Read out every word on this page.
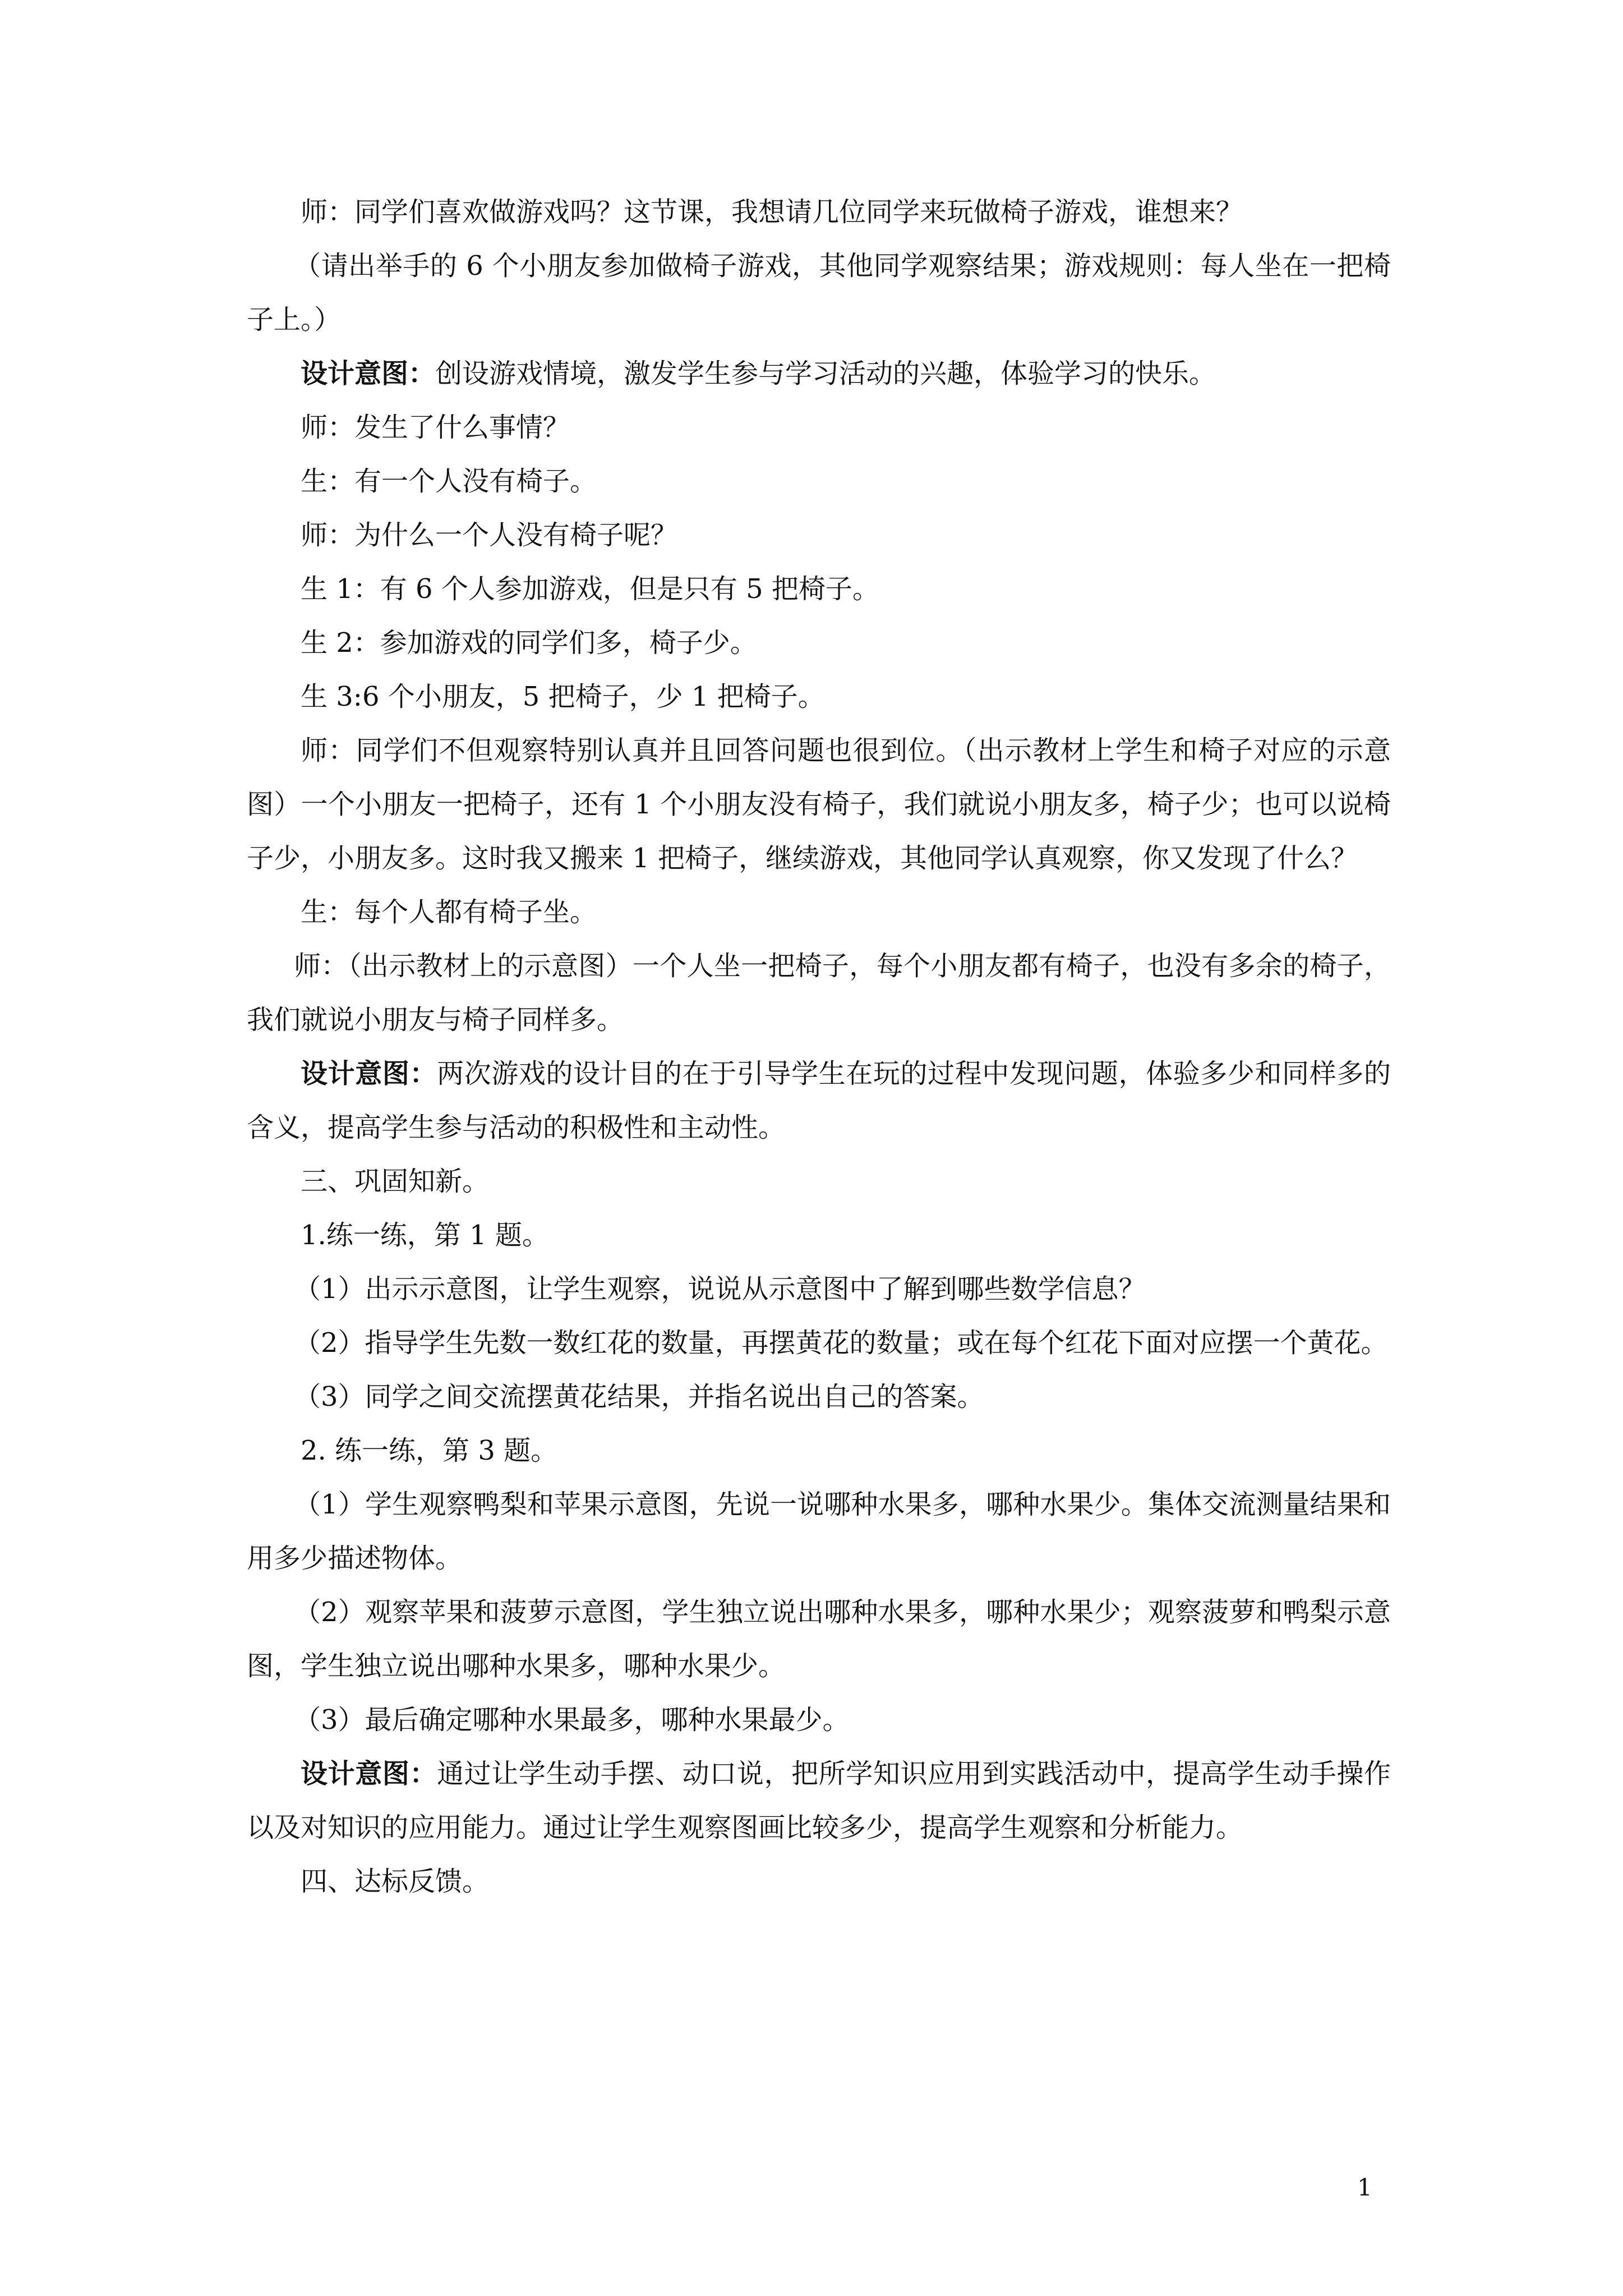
师：同学们喜欢做游戏吗？这节课，我想请几位同学来玩做椅子游戏，谁想来？

（请出举手的 6 个小朋友参加做椅子游戏，其他同学观察结果；游戏规则：每人坐在一把椅子上。）

设计意图：创设游戏情境，激发学生参与学习活动的兴趣，体验学习的快乐。

师：发生了什么事情？

生：有一个人没有椅子。

师：为什么一个人没有椅子呢？

生 1：有 6 个人参加游戏，但是只有 5 把椅子。

生 2：参加游戏的同学们多，椅子少。

生 3:6 个小朋友，5 把椅子，少 1 把椅子。

师：同学们不但观察特别认真并且回答问题也很到位。（出示教材上学生和椅子对应的示意图）一个小朋友一把椅子，还有 1 个小朋友没有椅子，我们就说小朋友多，椅子少；也可以说椅子少，小朋友多。这时我又搬来 1 把椅子，继续游戏，其他同学认真观察，你又发现了什么？

生：每个人都有椅子坐。

师：（出示教材上的示意图）一个人坐一把椅子，每个小朋友都有椅子，也没有多余的椅子，我们就说小朋友与椅子同样多。

设计意图：两次游戏的设计目的在于引导学生在玩的过程中发现问题，体验多少和同样多的含义，提高学生参与活动的积极性和主动性。

三、巩固知新。

1.练一练，第 1 题。

（1）出示示意图，让学生观察，说说从示意图中了解到哪些数学信息？

（2）指导学生先数一数红花的数量，再摆黄花的数量；或在每个红花下面对应摆一个黄花。

（3）同学之间交流摆黄花结果，并指名说出自己的答案。

2. 练一练，第 3 题。

（1）学生观察鸭梨和苹果示意图，先说一说哪种水果多，哪种水果少。集体交流测量结果和用多少描述物体。

（2）观察苹果和菠萝示意图，学生独立说出哪种水果多，哪种水果少；观察菠萝和鸭梨示意图，学生独立说出哪种水果多，哪种水果少。

（3）最后确定哪种水果最多，哪种水果最少。

设计意图：通过让学生动手摆、动口说，把所学知识应用到实践活动中，提高学生动手操作以及对知识的应用能力。通过让学生观察图画比较多少，提高学生观察和分析能力。

四、达标反馈。

1
